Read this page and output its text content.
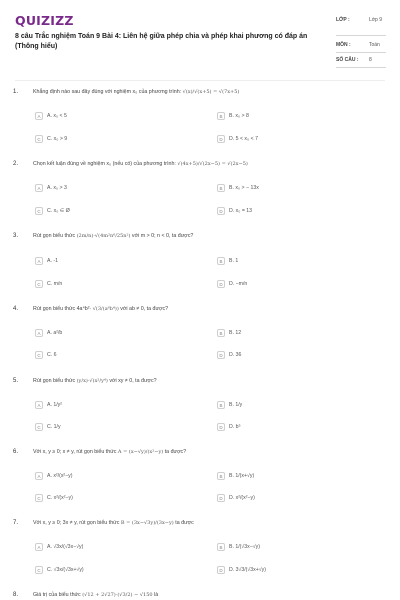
QUIZIZZ
8 câu Trắc nghiệm Toán 9 Bài 4: Liên hệ giữa phép chia và phép khai phương có đáp án (Thông hiểu)
LỚP :	Lớp 9
MÔN :	Toán
SỐ CÂU : 8
1.	Khẳng định nào sau đây đúng với nghiệm x₀ của phương trình: √(x)/√(x+5) = √(7x+5)
A	A. x₀ < 5	B	B. x₀ > 8
C	C. x₀ > 9	D	D. 5 < x₀ < 7
2.	Chọn kết luận đúng về nghiệm x₀ (nếu có) của phương trình: √(4x+5)/√(2x−5) = √(2x−5)
A	A. x₀ > 3	B	B. x₀ > − 13x
C	C. x₀ ∈ Ø	D	D. x₀ = 13
3.	Rút gọn biểu thức (2m/n)·√(4m²n⁶/25n²) với m > 0; n < 0, ta được?
A	A. -1	B	B. 1
C	C. m/n	D	D. −m/n
4.	Rút gọn biểu thức 4a⁴b²· √(3/(a⁸b⁴)) với ab ≠ 0, ta được?
A	A. a²/b	B	B. 12
C	C. 6	D	D. 36
5.	Rút gọn biểu thức (y/x)·√(x²/y⁴) với xy ≠ 0, ta được?
A	A. 1/y²	B	B. 1/y
C	C. 1/y	D	D. b⁵
6.	Với x, y ≥ 0; x ≠ y, rút gọn biểu thức A = (x−√y)/(x²−y) ta được?
A	A. x²/(x²−y)	B	B. 1/(x+√y)
C	C. x²/(x²−y)	D	D. x²/(x²−y)
7.	Với x, y ≥ 0; 3x ≠ y, rút gọn biểu thức B = (3x−√3y)/(3x−y) ta được
A	A. √3x/(√3x−√y)	B	B. 1/(√3x−√y)
C	C. √3x/(√3x+√y)	D	D. 3√3/(√3x+√y)
8.	Giá trị của biểu thức (√12 + 2√27)·(√3/2) − √150 là
